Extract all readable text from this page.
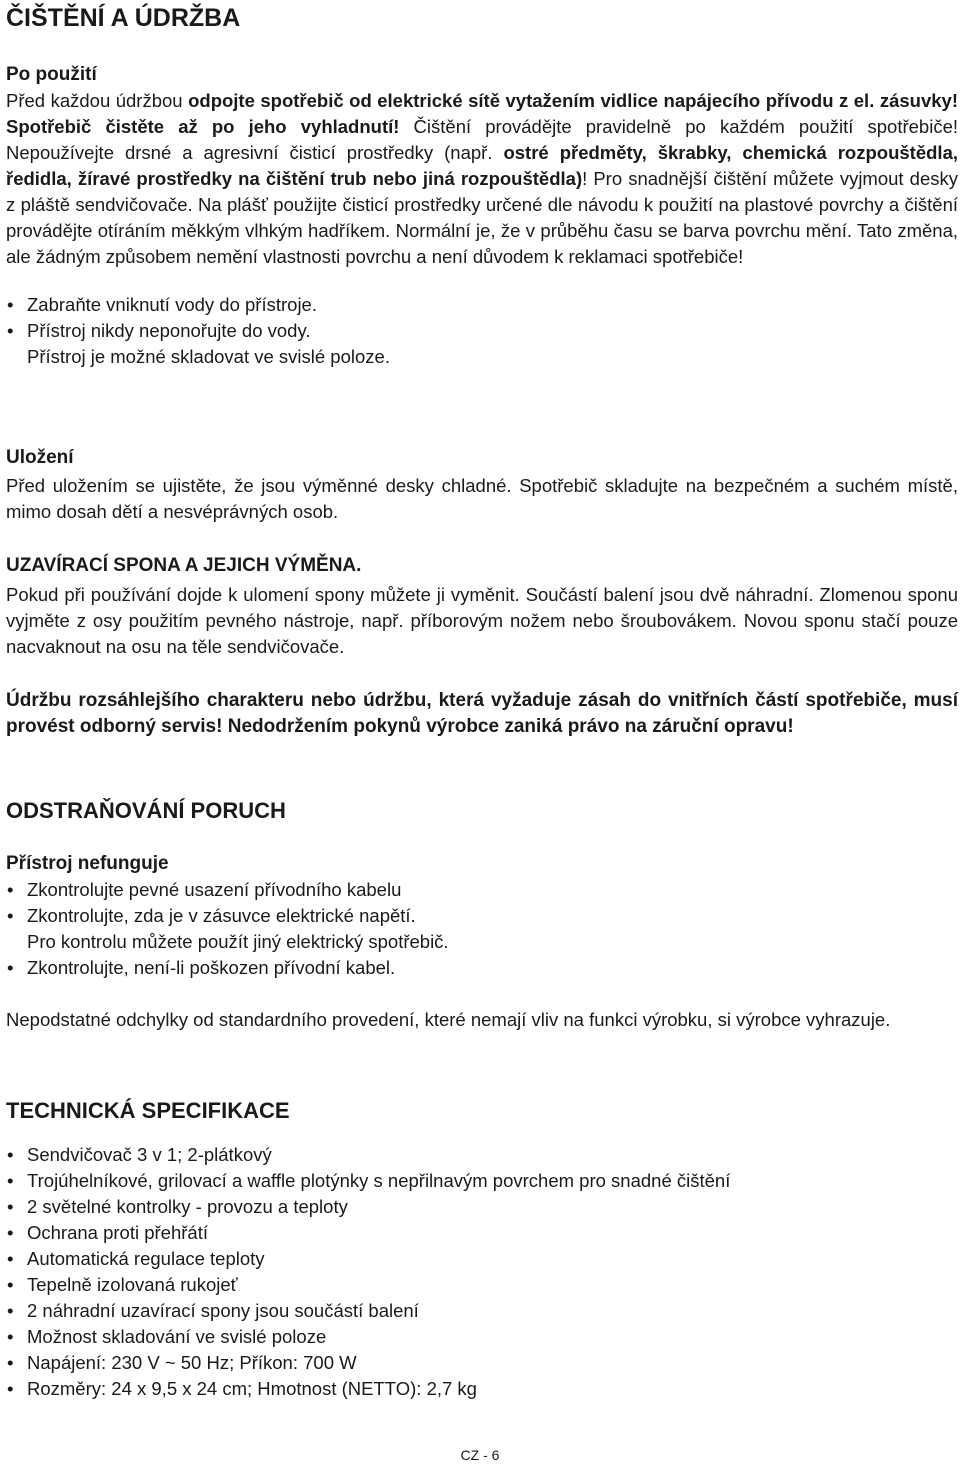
ČIŠTĚNÍ A ÚDRŽBA

Po použití

Před každou údržbou odpojte spotřebič od elektrické sítě vytažením vidlice napájecího přívodu z el. zásuvky! Spotřebič čistěte až po jeho vyhladnutí! Čištění provádějte pravidelně po každém použití spotřebiče! Nepoužívejte drsné a agresivní čisticí prostředky (např. ostré předměty, škrabky, chemická rozpouštědla, ředidla, žíravé prostředky na čištění trub nebo jiná rozpouštědla)! Pro snadnější čištění můžete vyjmout desky z pláště sendvičovače. Na plášť použijte čisticí prostředky určené dle návodu k použití na plastové povrchy a čištění provádějte otíráním měkkým vlhkým hadříkem. Normální je, že v průběhu času se barva povrchu mění. Tato změna, ale žádným způsobem nemění vlastnosti povrchu a není důvodem k reklamaci spotřebiče!

• Zabraňte vniknutí vody do přístroje.
• Přístroj nikdy neponořujte do vody.
Přístroj je možné skladovat ve svislé poloze.

Uložení

Před uložením se ujistěte, že jsou výměnné desky chladné. Spotřebič skladujte na bezpečném a suchém místě, mimo dosah dětí a nesvéprávných osob.

UZAVÍRACÍ SPONA A JEJICH VÝMĚNA.

Pokud při používání dojde k ulomení spony můžete ji vyměnit. Součástí balení jsou dvě náhradní. Zlomenou sponu vyjměte z osy použitím pevného nástroje, např. příborovým nožem nebo šroubovákem. Novou sponu stačí pouze nacvaknout na osu na těle sendvičovače.

Údržbu rozsáhlejšího charakteru nebo údržbu, která vyžaduje zásah do vnitřních částí spotřebiče, musí provést odborný servis! Nedodržením pokynů výrobce zaniká právo na záruční opravu!

ODSTRAŇOVÁNÍ PORUCH

Přístroj nefunguje

• Zkontrolujte pevné usazení přívodního kabelu
• Zkontrolujte, zda je v zásuvce elektrické napětí.
Pro kontrolu můžete použít jiný elektrický spotřebič.
• Zkontrolujte, není-li poškozen přívodní kabel.

Nepodstatné odchylky od standardního provedení, které nemají vliv na funkci výrobku, si výrobce vyhrazuje.

TECHNICKÁ SPECIFIKACE

• Sendvičovač 3 v 1; 2-plátkový
• Trojúhelníkové, grilovací a waffle plotýnky s nepřilnavým povrchem pro snadné čištění
• 2 světelné kontrolky - provozu a teploty
• Ochrana proti přehřátí
• Automatická regulace teploty
• Tepelně izolovaná rukojeť
• 2 náhradní uzavírací spony jsou součástí balení
• Možnost skladování ve svislé poloze
• Napájení: 230 V ~ 50 Hz; Příkon: 700 W
• Rozměry: 24 x 9,5 x 24 cm; Hmotnost (NETTO): 2,7 kg
CZ - 6
